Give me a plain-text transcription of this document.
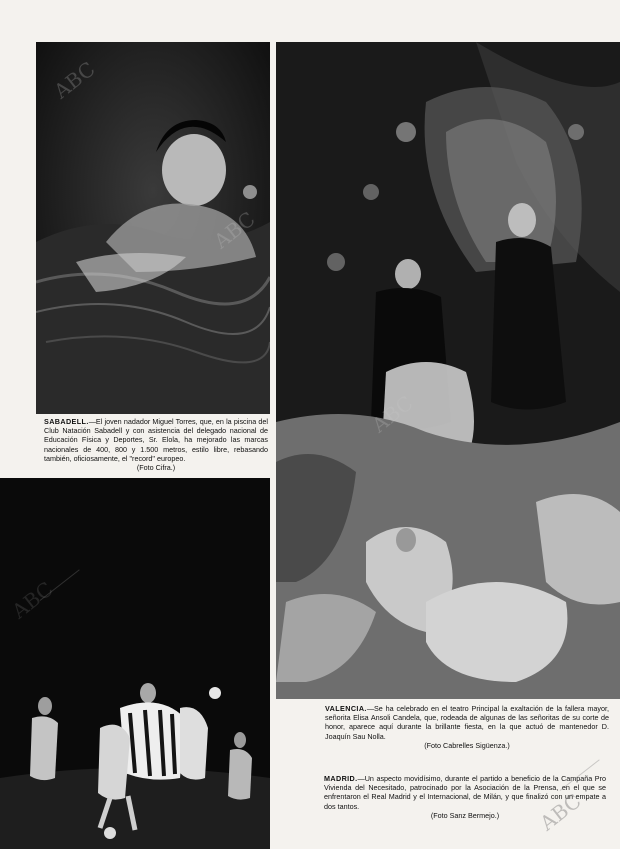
SABADELL.—El joven nadador Miguel Torres, que, en la piscina del Club Natación Sabadell y con asistencia del delegado nacional de Educación Física y Deportes, Sr. Elola, ha mejorado las marcas nacionales de 400, 800 y 1.500 metros, estilo libre, rebasando también, oficiosamente, el "record" europeo.
(Foto Cifra.)
VALENCIA.—Se ha celebrado en el teatro Principal la exaltación de la fallera mayor, señorita Elisa Ansoli Candela, que, rodeada de algunas de las señoritas de su corte de honor, aparece aquí durante la brillante fiesta, en la que actuó de mantenedor D. Joaquín Sau Nolla.
(Foto Cabrelles Sigüenza.)
MADRID.—Un aspecto movidísimo, durante el partido a beneficio de la Campaña Pro Vivienda del Necesitado, patrocinado por la Asociación de la Prensa, en el que se enfrentaron el Real Madrid y el Internacional, de Milán, y que finalizó con un empate a dos tantos.
(Foto Sanz Bermejo.)
ABC
ABC
ABC
ABC
ABC
